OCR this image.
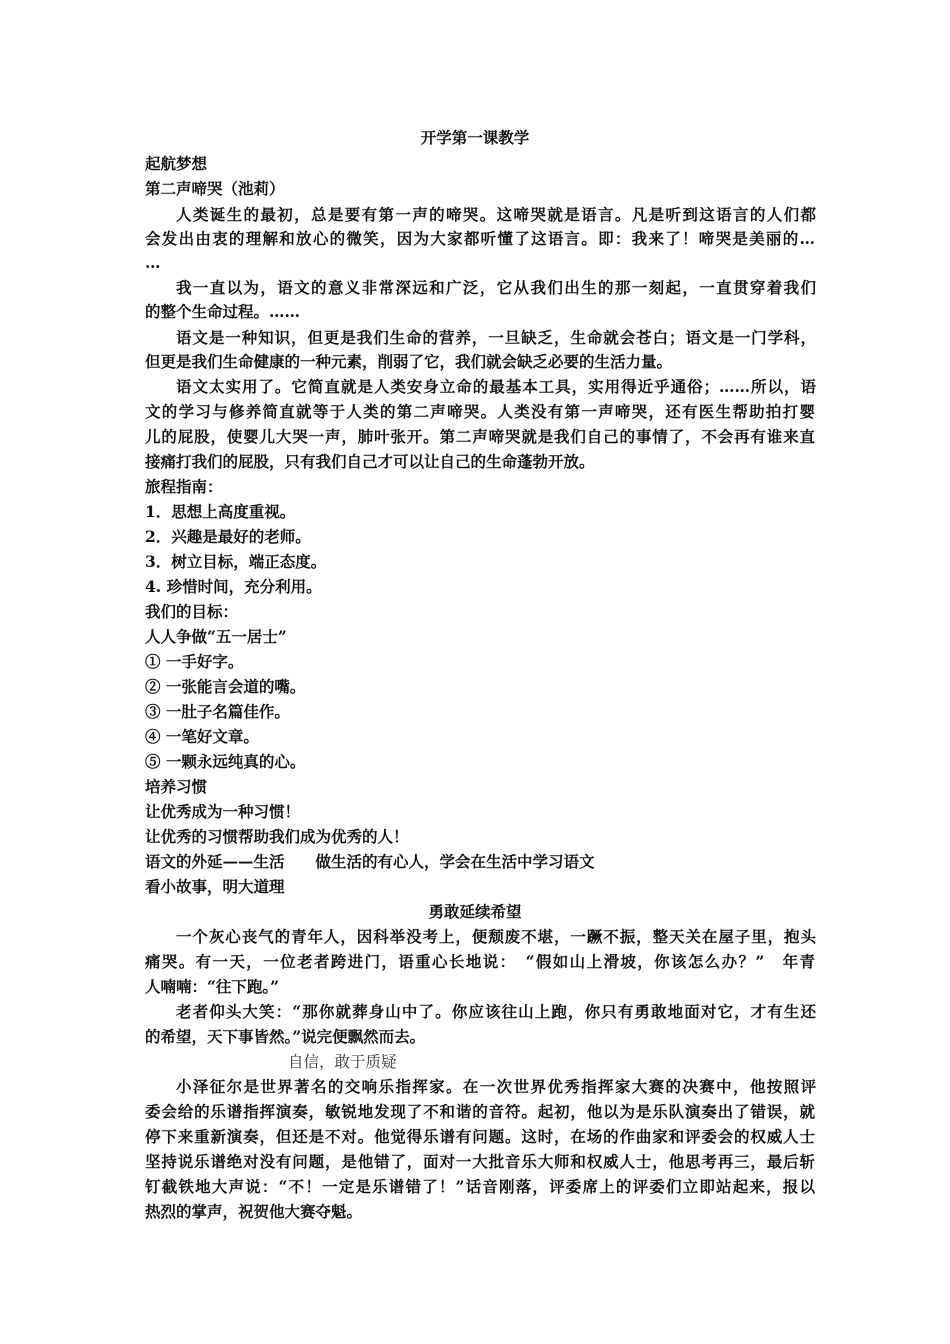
开学第一课教学
起航梦想
第二声啼哭（池莉）
人类诞生的最初，总是要有第一声的啼哭。这啼哭就是语言。凡是听到这语言的人们都
会发出由衷的理解和放心的微笑，因为大家都听懂了这语言。即：我来了！啼哭是美丽的…
…
我一直以为，语文的意义非常深远和广泛，它从我们出生的那一刻起，一直贯穿着我们
的整个生命过程。……
语文是一种知识，但更是我们生命的营养，一旦缺乏，生命就会苍白；语文是一门学科，
但更是我们生命健康的一种元素，削弱了它，我们就会缺乏必要的生活力量。
语文太实用了。它简直就是人类安身立命的最基本工具，实用得近乎通俗；……所以，语
文的学习与修养简直就等于人类的第二声啼哭。人类没有第一声啼哭，还有医生帮助拍打婴
儿的屁股，使婴儿大哭一声，肺叶张开。第二声啼哭就是我们自己的事情了，不会再有谁来直
接痛打我们的屁股，只有我们自己才可以让自己的生命蓬勃开放。
旅程指南：
1．思想上高度重视。
2．兴趣是最好的老师。
3．树立目标，端正态度。
4. 珍惜时间，充分利用。
我们的目标：
人人争做“五一居士”
① 一手好字。
② 一张能言会道的嘴。
③ 一肚子名篇佳作。
④ 一笔好文章。
⑤ 一颗永远纯真的心。
培养习惯
让优秀成为一种习惯！
让优秀的习惯帮助我们成为优秀的人！
语文的外延——生活　　做生活的有心人，学会在生活中学习语文
看小故事，明大道理
勇敢延续希望
一个灰心丧气的青年人，因科举没考上，便颓废不堪，一蹶不振，整天关在屋子里，抱头
痛哭。有一天，一位老者跨进门，语重心长地说：　“假如山上滑坡，你该怎么办？”　年青
人喃喃：“往下跑。”
老者仰头大笑：“那你就葬身山中了。你应该往山上跑，你只有勇敢地面对它，才有生还
的希望，天下事皆然。”说完便飘然而去。
自信，敢于质疑
小泽征尔是世界著名的交响乐指挥家。在一次世界优秀指挥家大赛的决赛中，他按照评
委会给的乐谱指挥演奏，敏锐地发现了不和谐的音符。起初，他以为是乐队演奏出了错误，就
停下来重新演奏，但还是不对。他觉得乐谱有问题。这时，在场的作曲家和评委会的权威人士
坚持说乐谱绝对没有问题，是他错了，面对一大批音乐大师和权威人士，他思考再三，最后斩
钉截铁地大声说：“不！一定是乐谱错了！”话音刚落，评委席上的评委们立即站起来，报以
热烈的掌声，祝贺他大赛夺魁。
